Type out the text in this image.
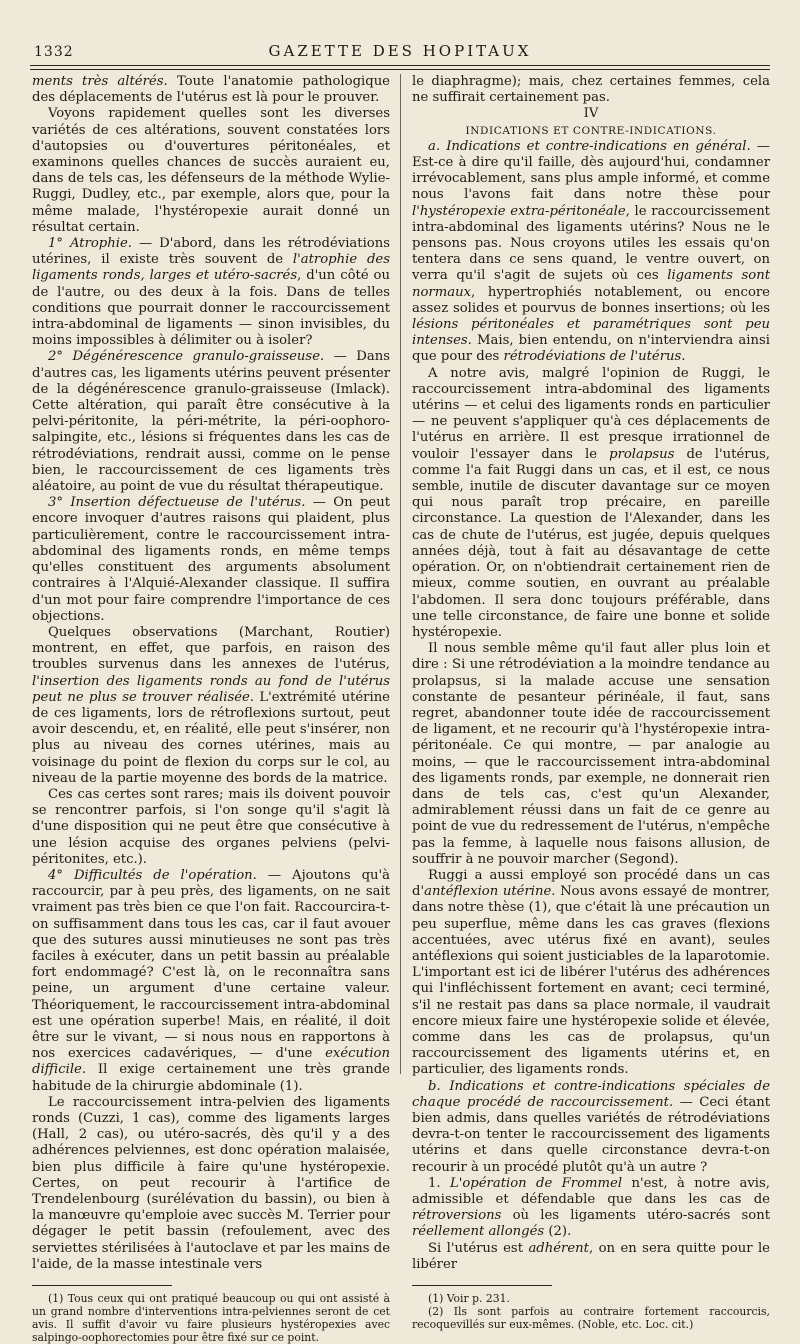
1332	GAZETTE DES HOPITAUX

ments très altérés. Toute l'anatomie pathologique des déplacements de l'utérus est là pour le prouver.

Voyons rapidement quelles sont les diverses variétés de ces altérations, souvent constatées lors d'autopsies ou d'ouvertures péritonéales, et examinons quelles chances de succès auraient eu, dans de tels cas, les défenseurs de la méthode Wylie-Ruggi, Dudley, etc., par exemple, alors que, pour la même malade, l'hystéropexie aurait donné un résultat certain.

1° Atrophie. — D'abord, dans les rétrodéviations utérines, il existe très souvent de l'atrophie des ligaments ronds, larges et utéro-sacrés, d'un côté ou de l'autre, ou des deux à la fois. Dans de telles conditions que pourrait donner le raccourcissement intra-abdominal de ligaments — sinon invisibles, du moins impossibles à délimiter ou à isoler?

2° Dégénérescence granulo-graisseuse. — Dans d'autres cas, les ligaments utérins peuvent présenter de la dégénérescence granulo-graisseuse (Imlack). Cette altération, qui paraît être consécutive à la pelvi-péritonite, la péri-métrite, la péri-oophoro-salpingite, etc., lésions si fréquentes dans les cas de rétrodéviations, rendrait aussi, comme on le pense bien, le raccourcissement de ces ligaments très aléatoire, au point de vue du résultat thérapeutique.

3° Insertion défectueuse de l'utérus. — On peut encore invoquer d'autres raisons qui plaident, plus particulièrement, contre le raccourcissement intra-abdominal des ligaments ronds, en même temps qu'elles constituent des arguments absolument contraires à l'Alquié-Alexander classique. Il suffira d'un mot pour faire comprendre l'importance de ces objections.

Quelques observations (Marchant, Routier) montrent, en effet, que parfois, en raison des troubles survenus dans les annexes de l'utérus, l'insertion des ligaments ronds au fond de l'utérus peut ne plus se trouver réalisée. L'extrémité utérine de ces ligaments, lors de rétroflexions surtout, peut avoir descendu, et, en réalité, elle peut s'insérer, non plus au niveau des cornes utérines, mais au voisinage du point de flexion du corps sur le col, au niveau de la partie moyenne des bords de la matrice.

Ces cas certes sont rares; mais ils doivent pouvoir se rencontrer parfois, si l'on songe qu'il s'agit là d'une disposition qui ne peut être que consécutive à une lésion acquise des organes pelviens (pelvi-péritonites, etc.).

4° Difficultés de l'opération. — Ajoutons qu'à raccourcir, par à peu près, des ligaments, on ne sait vraiment pas très bien ce que l'on fait. Raccourcira-t-on suffisamment dans tous les cas, car il faut avouer que des sutures aussi minutieuses ne sont pas très faciles à exécuter, dans un petit bassin au préalable fort endommagé? C'est là, on le reconnaîtra sans peine, un argument d'une certaine valeur. Théoriquement, le raccourcissement intra-abdominal est une opération superbe! Mais, en réalité, il doit être sur le vivant, — si nous nous en rapportons à nos exercices cadavériques, — d'une exécution difficile. Il exige certainement une très grande habitude de la chirurgie abdominale (1).

Le raccourcissement intra-pelvien des ligaments ronds (Cuzzi, 1 cas), comme des ligaments larges (Hall, 2 cas), ou utéro-sacrés, dès qu'il y a des adhérences pelviennes, est donc opération malaisée, bien plus difficile à faire qu'une hystéropexie. Certes, on peut recourir à l'artifice de Trendelenbourg (surélévation du bassin), ou bien à la manœuvre qu'emploie avec succès M. Terrier pour dégager le petit bassin (refoulement, avec des serviettes stérilisées à l'autoclave et par les mains de l'aide, de la masse intestinale vers

(1) Tous ceux qui ont pratiqué beaucoup ou qui ont assisté à un grand nombre d'interventions intra-pelviennes seront de cet avis. Il suffit d'avoir vu faire plusieurs hystéropexies avec salpingo-oophorectomies pour être fixé sur ce point.

le diaphragme); mais, chez certaines femmes, cela ne suffirait certainement pas.

IV

INDICATIONS ET CONTRE-INDICATIONS.

a. Indications et contre-indications en général. — Est-ce à dire qu'il faille, dès aujourd'hui, condamner irrévocablement, sans plus ample informé, et comme nous l'avons fait dans notre thèse pour l'hystéropexie extra-péritonéale, le raccourcissement intra-abdominal des ligaments utérins? Nous ne le pensons pas. Nous croyons utiles les essais qu'on tentera dans ce sens quand, le ventre ouvert, on verra qu'il s'agit de sujets où ces ligaments sont normaux, hypertrophiés notablement, ou encore assez solides et pourvus de bonnes insertions; où les lésions péritonéales et paramétriques sont peu intenses. Mais, bien entendu, on n'interviendra ainsi que pour des rétrodéviations de l'utérus.

A notre avis, malgré l'opinion de Ruggi, le raccourcissement intra-abdominal des ligaments utérins — et celui des ligaments ronds en particulier — ne peuvent s'appliquer qu'à ces déplacements de l'utérus en arrière. Il est presque irrationnel de vouloir l'essayer dans le prolapsus de l'utérus, comme l'a fait Ruggi dans un cas, et il est, ce nous semble, inutile de discuter davantage sur ce moyen qui nous paraît trop précaire, en pareille circonstance. La question de l'Alexander, dans les cas de chute de l'utérus, est jugée, depuis quelques années déjà, tout à fait au désavantage de cette opération. Or, on n'obtiendrait certainement rien de mieux, comme soutien, en ouvrant au préalable l'abdomen. Il sera donc toujours préférable, dans une telle circonstance, de faire une bonne et solide hystéropexie.

Il nous semble même qu'il faut aller plus loin et dire : Si une rétrodéviation a la moindre tendance au prolapsus, si la malade accuse une sensation constante de pesanteur périnéale, il faut, sans regret, abandonner toute idée de raccourcissement de ligament, et ne recourir qu'à l'hystéropexie intra-péritonéale. Ce qui montre, — par analogie au moins, — que le raccourcissement intra-abdominal des ligaments ronds, par exemple, ne donnerait rien dans de tels cas, c'est qu'un Alexander, admirablement réussi dans un fait de ce genre au point de vue du redressement de l'utérus, n'empêche pas la femme, à laquelle nous faisons allusion, de souffrir à ne pouvoir marcher (Segond).

Ruggi a aussi employé son procédé dans un cas d'antéflexion utérine. Nous avons essayé de montrer, dans notre thèse (1), que c'était là une précaution un peu superflue, même dans les cas graves (flexions accentuées, avec utérus fixé en avant), seules antéflexions qui soient justiciables de la laparotomie. L'important est ici de libérer l'utérus des adhérences qui l'infléchissent fortement en avant; ceci terminé, s'il ne restait pas dans sa place normale, il vaudrait encore mieux faire une hystéropexie solide et élevée, comme dans les cas de prolapsus, qu'un raccourcissement des ligaments utérins et, en particulier, des ligaments ronds.

b. Indications et contre-indications spéciales de chaque procédé de raccourcissement. — Ceci étant bien admis, dans quelles variétés de rétrodéviations devra-t-on tenter le raccourcissement des ligaments utérins et dans quelle circonstance devra-t-on recourir à un procédé plutôt qu'à un autre ?

1. L'opération de Frommel n'est, à notre avis, admissible et défendable que dans les cas de rétroversions où les ligaments utéro-sacrés sont réellement allongés (2).

Si l'utérus est adhérent, on en sera quitte pour le libérer

(1) Voir p. 231.

(2) Ils sont parfois au contraire fortement raccourcis, recoquevillés sur eux-mêmes. (Noble, etc. Loc. cit.)
